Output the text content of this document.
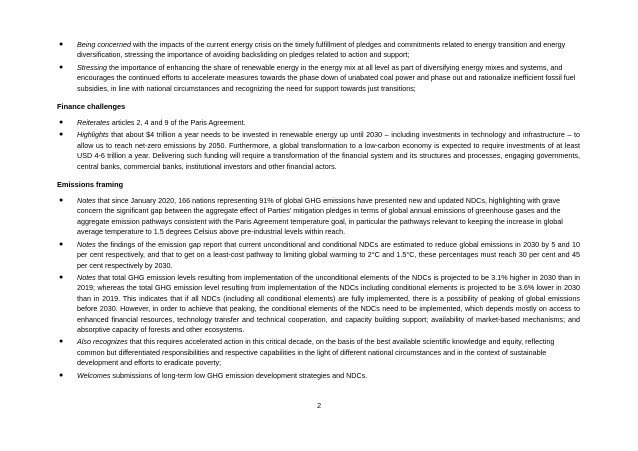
● Being concerned with the impacts of the current energy crisis on the timely fulfillment of pledges and commitments related to energy transition and energy diversification, stressing the importance of avoiding backsliding on pledges related to action and support;
● Stressing the importance of enhancing the share of renewable energy in the energy mix at all level as part of diversifying energy mixes and systems, and encourages the continued efforts to accelerate measures towards the phase down of unabated coal power and phase out and rationalize inefficient fossil fuel subsidies, in line with national circumstances and recognizing the need for support towards just transitions;
Finance challenges
● Reiterates articles 2, 4 and 9 of the Paris Agreement.
● Highlights that about $4 trillion a year needs to be invested in renewable energy up until 2030 – including investments in technology and infrastructure – to allow us to reach net-zero emissions by 2050. Furthermore, a global transformation to a low-carbon economy is expected to require investments of at least USD 4-6 trillion a year. Delivering such funding will require a transformation of the financial system and its structures and processes, engaging governments, central banks, commercial banks, institutional investors and other financial actors.
Emissions framing
● Notes that since January 2020, 166 nations representing 91% of global GHG emissions have presented new and updated NDCs, highlighting with grave concern the significant gap between the aggregate effect of Parties' mitigation pledges in terms of global annual emissions of greenhouse gases and the aggregate emission pathways consistent with the Paris Agreement temperature goal, in particular the pathways relevant to keeping the increase in global average temperature to 1.5 degrees Celsius above pre-industrial levels within reach.
● Notes the findings of the emission gap report that current unconditional and conditional NDCs are estimated to reduce global emissions in 2030 by 5 and 10 per cent respectively, and that to get on a least-cost pathway to limiting global warming to 2°C and 1.5°C, these percentages must reach 30 per cent and 45 per cent respectively by 2030.
● Notes that total GHG emission levels resulting from implementation of the unconditional elements of the NDCs is projected to be 3.1% higher in 2030 than in 2019; whereas the total GHG emission level resulting from implementation of the NDCs including conditional elements is projected to be 3.6% lower in 2030 than in 2019. This indicates that if all NDCs (including all conditional elements) are fully implemented, there is a possibility of peaking of global emissions before 2030. However, in order to achieve that peaking, the conditional elements of the NDCs need to be implemented, which depends mostly on access to enhanced financial resources, technology transfer and technical cooperation, and capacity building support; availability of market-based mechanisms; and absorptive capacity of forests and other ecosystems.
● Also recognizes that this requires accelerated action in this critical decade, on the basis of the best available scientific knowledge and equity, reflecting common but differentiated responsibilities and respective capabilities in the light of different national circumstances and in the context of sustainable development and efforts to eradicate poverty;
● Welcomes submissions of long-term low GHG emission development strategies and NDCs.
2
